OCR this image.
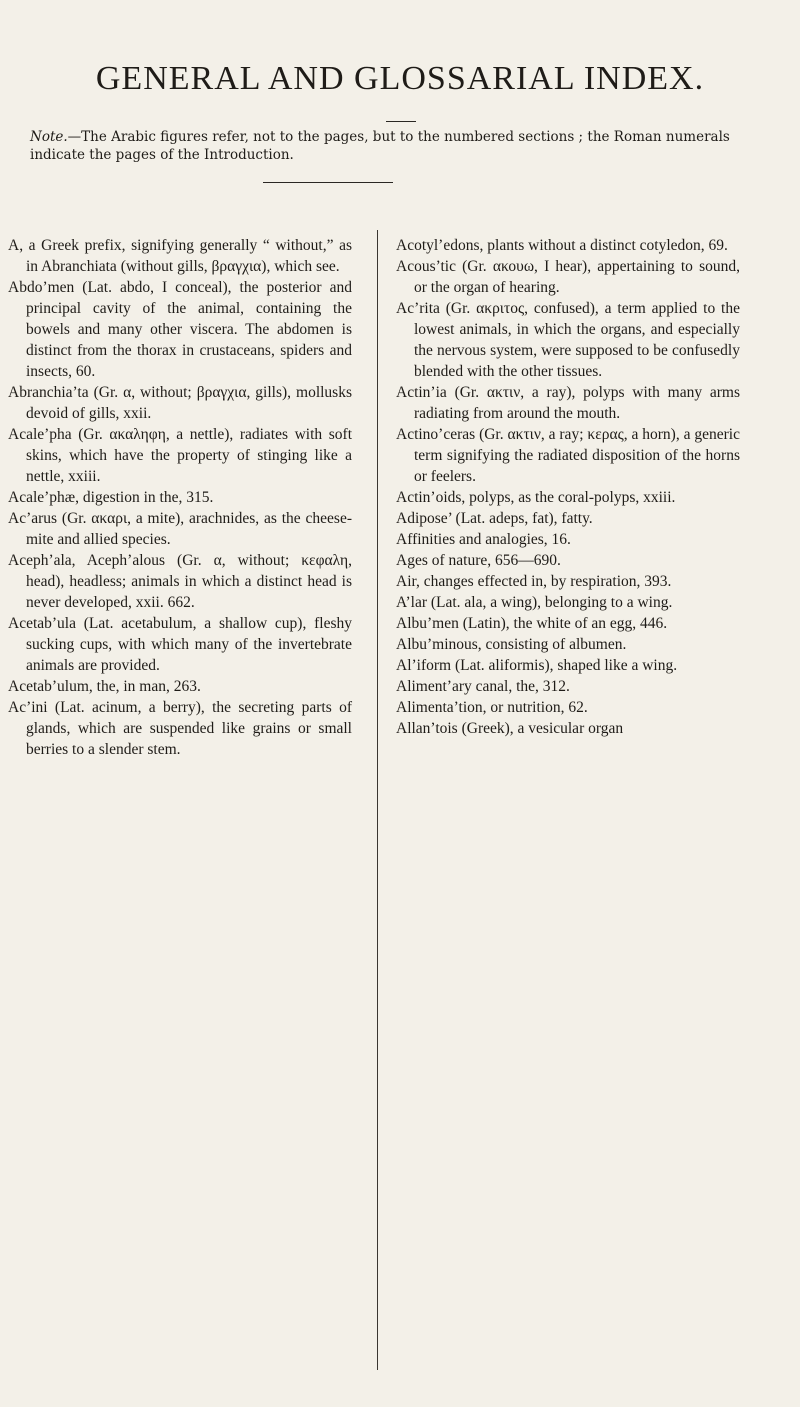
GENERAL AND GLOSSARIAL INDEX.
Note.—The Arabic figures refer, not to the pages, but to the numbered sections ; the Roman numerals indicate the pages of the Introduction.

A, a Greek prefix, signifying generally “ without,” as in Abranchiata (without gills, βραγχια), which see.

Abdo’men (Lat. abdo, I conceal), the posterior and principal cavity of the animal, containing the bowels and many other viscera. The abdomen is distinct from the thorax in crustaceans, spiders and insects, 60.

Abranchia’ta (Gr. α, without; βραγχια, gills), mollusks devoid of gills, xxii.

Acale’pha (Gr. ακαληφη, a nettle), radiates with soft skins, which have the property of stinging like a nettle, xxiii.

Acale’phæ, digestion in the, 315.

Ac’arus (Gr. ακαρι, a mite), arachnides, as the cheese-mite and allied species.

Aceph’ala, Aceph’alous (Gr. α, without; κεφαλη, head), headless; animals in which a distinct head is never developed, xxii. 662.

Acetab’ula (Lat. acetabulum, a shallow cup), fleshy sucking cups, with which many of the invertebrate animals are provided.

Acetab’ulum, the, in man, 263.

Ac’ini (Lat. acinum, a berry), the secreting parts of glands, which are suspended like grains or small berries to a slender stem.

Acotyl’edons, plants without a distinct cotyledon, 69.

Acous’tic (Gr. ακουω, I hear), appertaining to sound, or the organ of hearing.

Ac’rita (Gr. ακριτος, confused), a term applied to the lowest animals, in which the organs, and especially the nervous system, were supposed to be confusedly blended with the other tissues.

Actin’ia (Gr. ακτιν, a ray), polyps with many arms radiating from around the mouth.

Actino’ceras (Gr. ακτιν, a ray; κερας, a horn), a generic term signifying the radiated disposition of the horns or feelers.

Actin’oids, polyps, as the coral-polyps, xxiii.

Adipose’ (Lat. adeps, fat), fatty.

Affinities and analogies, 16.

Ages of nature, 656—690.

Air, changes effected in, by respiration, 393.

A’lar (Lat. ala, a wing), belonging to a wing.

Albu’men (Latin), the white of an egg, 446.

Albu’minous, consisting of albumen.

Al’iform (Lat. aliformis), shaped like a wing.

Aliment’ary canal, the, 312.

Alimenta’tion, or nutrition, 62.

Allan’tois (Greek), a vesicular organ
